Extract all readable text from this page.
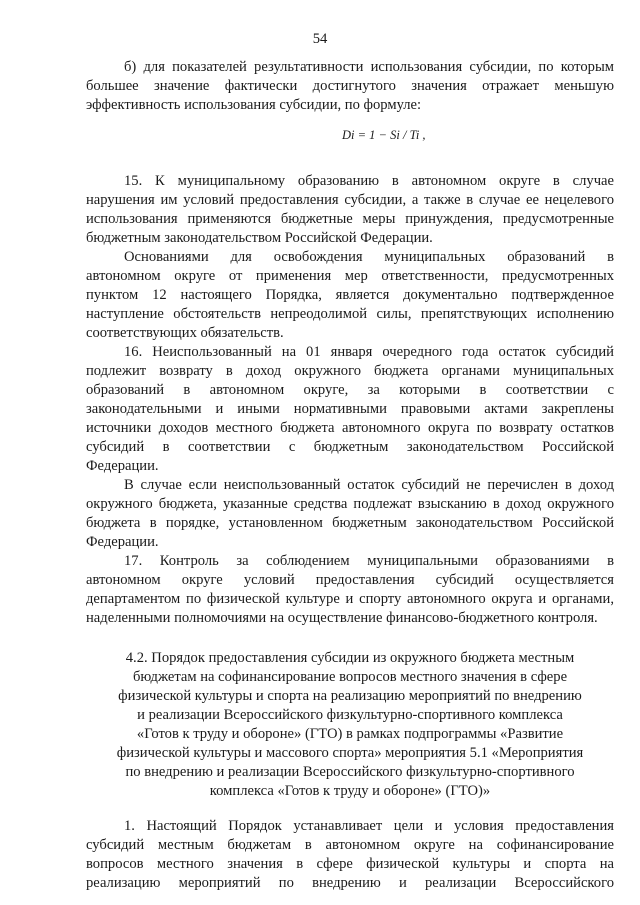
54
б) для показателей результативности использования субсидии, по которым
большее значение фактически достигнутого значения отражает меньшую
эффективность использования субсидии, по формуле:
Di = 1 − Si / Ti ,
15. К муниципальному образованию в автономном округе в случае
нарушения им условий предоставления субсидии, а также в случае ее нецелевого
использования применяются бюджетные меры принуждения, предусмотренные
бюджетным законодательством Российской Федерации.
Основаниями для освобождения муниципальных образований в
автономном округе от применения мер ответственности, предусмотренных
пунктом 12 настоящего Порядка, является документально подтвержденное
наступление обстоятельств непреодолимой силы, препятствующих исполнению
соответствующих обязательств.
16. Неиспользованный на 01 января очередного года остаток субсидий
подлежит возврату в доход окружного бюджета органами муниципальных
образований в автономном округе, за которыми в соответствии с
законодательными и иными нормативными правовыми актами закреплены
источники доходов местного бюджета автономного округа по возврату остатков
субсидий в соответствии с бюджетным законодательством Российской
Федерации.
В случае если неиспользованный остаток субсидий не перечислен в доход
окружного бюджета, указанные средства подлежат взысканию в доход окружного
бюджета в порядке, установленном бюджетным законодательством Российской
Федерации.
17. Контроль за соблюдением муниципальными образованиями в
автономном округе условий предоставления субсидий осуществляется
департаментом по физической культуре и спорту автономного округа и органами,
наделенными полномочиями на осуществление финансово-бюджетного контроля.
4.2. Порядок предоставления субсидии из окружного бюджета местным
бюджетам на софинансирование вопросов местного значения в сфере
физической культуры и спорта на реализацию мероприятий по внедрению
и реализации Всероссийского физкультурно-спортивного комплекса
«Готов к труду и обороне» (ГТО) в рамках подпрограммы «Развитие
физической культуры и массового спорта» мероприятия 5.1 «Мероприятия
по внедрению и реализации Всероссийского физкультурно-спортивного
комплекса «Готов к труду и обороне» (ГТО)»
1. Настоящий Порядок устанавливает цели и условия предоставления
субсидий местным бюджетам в автономном округе на софинансирование
вопросов местного значения в сфере физической культуры и спорта на
реализацию мероприятий по внедрению и реализации Всероссийского
